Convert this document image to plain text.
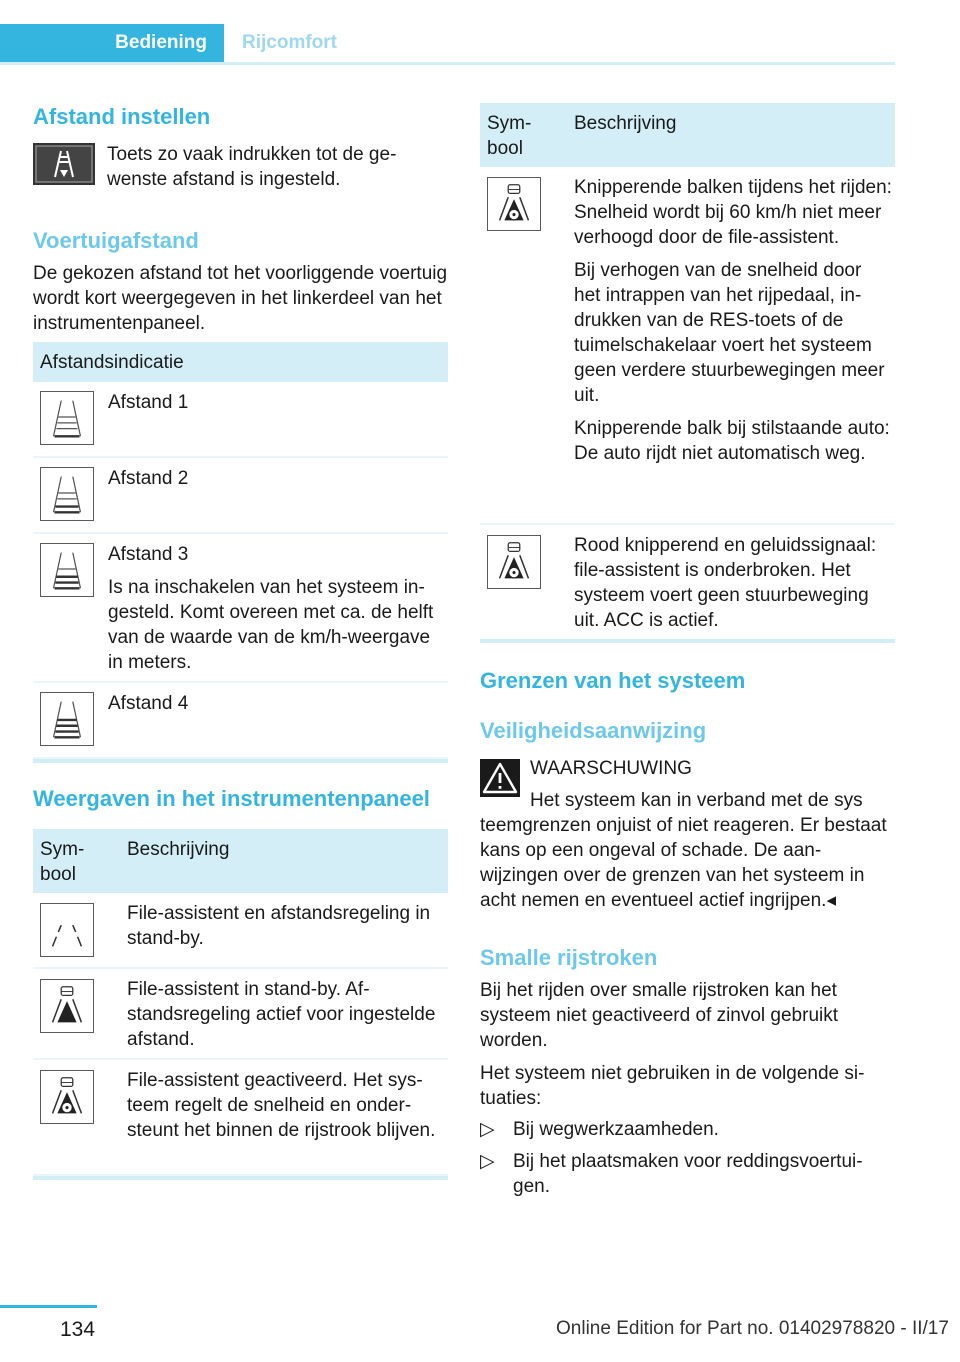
Bediening	Rijcomfort
Afstand instellen
Toets zo vaak indrukken tot de gewenste afstand is ingesteld.
Voertuigafstand
De gekozen afstand tot het voorliggende voertuig wordt kort weergegeven in het linkerdeel van het instrumentenpaneel.
Afstandsindicatie
Afstand 1
Afstand 2

Afstand 3

Is na inschakelen van het systeem ingesteld. Komt overeen met ca. de helft van de waarde van de km/h-weergave in meters.

Afstand 4
Weergaven in het instrumentenpaneel
Symbool
Beschrijving
File-assistent en afstandsregeling in stand-by.
File-assistent in stand-by. Afstandsregeling actief voor ingestelde afstand.
File-assistent geactiveerd. Het systeem regelt de snelheid en ondersteunt het binnen de rijstrook blijven.
Symbool
Beschrijving

Knipperende balken tijdens het rijden: Snelheid wordt bij 60 km/h niet meer verhoogd door de file-assistent.

Bij verhogen van de snelheid door het intrappen van het rijpedaal, indrukken van de RES-toets of de tuimelschakelaar voert het systeem geen verdere stuurbewegingen meer uit.

Knipperende balk bij stilstaande auto: De auto rijdt niet automatisch weg.

Rood knipperend en geluidssignaal: file-assistent is onderbroken. Het systeem voert geen stuurbeweging uit. ACC is actief.

Grenzen van het systeem
Veiligheidsaanwijzing
WAARSCHUWING
Het systeem kan in verband met de sys
teemgrenzen onjuist of niet reageren. Er bestaat kans op een ongeval of schade. De aanwijzingen over de grenzen van het systeem in acht nemen en eventueel actief ingrijpen.◂
Smalle rijstroken
Bij het rijden over smalle rijstroken kan het systeem niet geactiveerd of zinvol gebruikt worden.
Het systeem niet gebruiken in de volgende situaties:
▷ Bij wegwerkzaamheden.
▷ Bij het plaatsmaken voor reddingsvoertuigen.
134	Online Edition for Part no. 01402978820 - II/17
